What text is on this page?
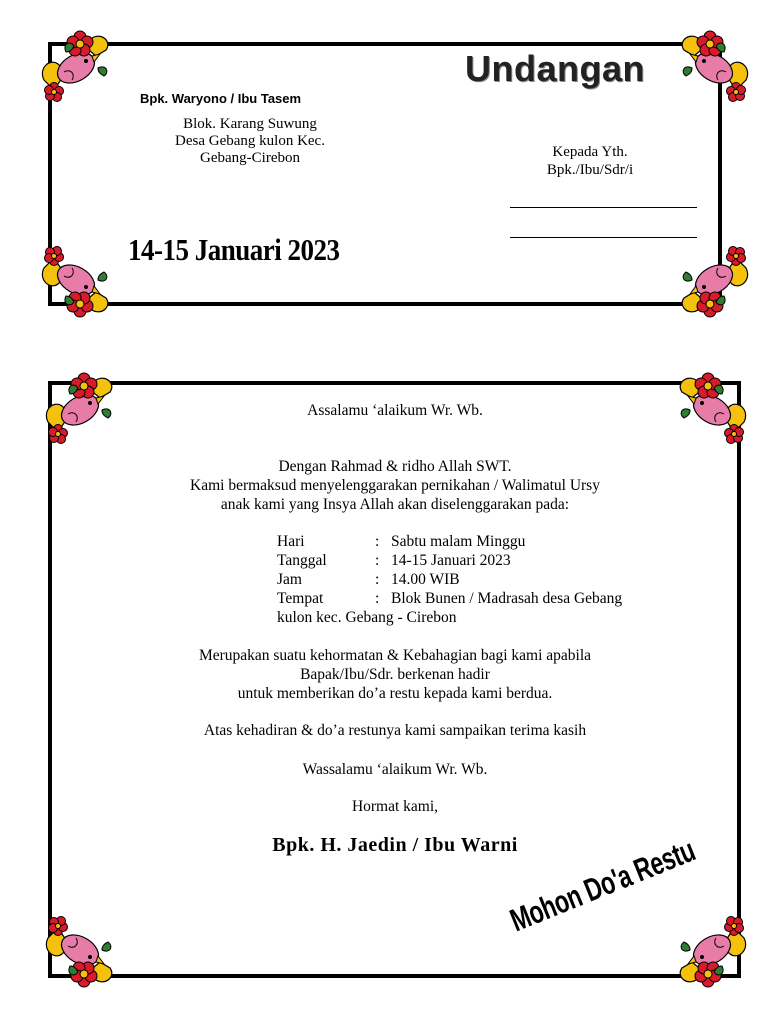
Undangan
Bpk. Waryono / Ibu Tasem
Blok. Karang Suwung
Desa Gebang kulon Kec.
Gebang-Cirebon	Kepada Yth.
Bpk./Ibu/Sdr/i
14-15 Januari 2023
Assalamu ‘alaikum Wr. Wb.
Dengan Rahmad & ridho Allah SWT.
Kami bermaksud menyelenggarakan pernikahan / Walimatul Ursy
anak kami yang Insya Allah akan diselenggarakan pada:
Hari	: Sabtu malam Minggu
Tanggal	: 14-15 Januari 2023
Jam	: 14.00 WIB
Tempat	: Blok Bunen / Madrasah desa Gebang
kulon kec. Gebang - Cirebon
Merupakan suatu kehormatan & Kebahagian bagi kami apabila
Bapak/Ibu/Sdr. berkenan hadir
untuk memberikan do’a restu kepada kami berdua.
Atas kehadiran & do’a restunya kami sampaikan terima kasih
Wassalamu ‘alaikum Wr. Wb.
Hormat kami,
Bpk. H. Jaedin / Ibu Warni
Mohon Do'a Restu
